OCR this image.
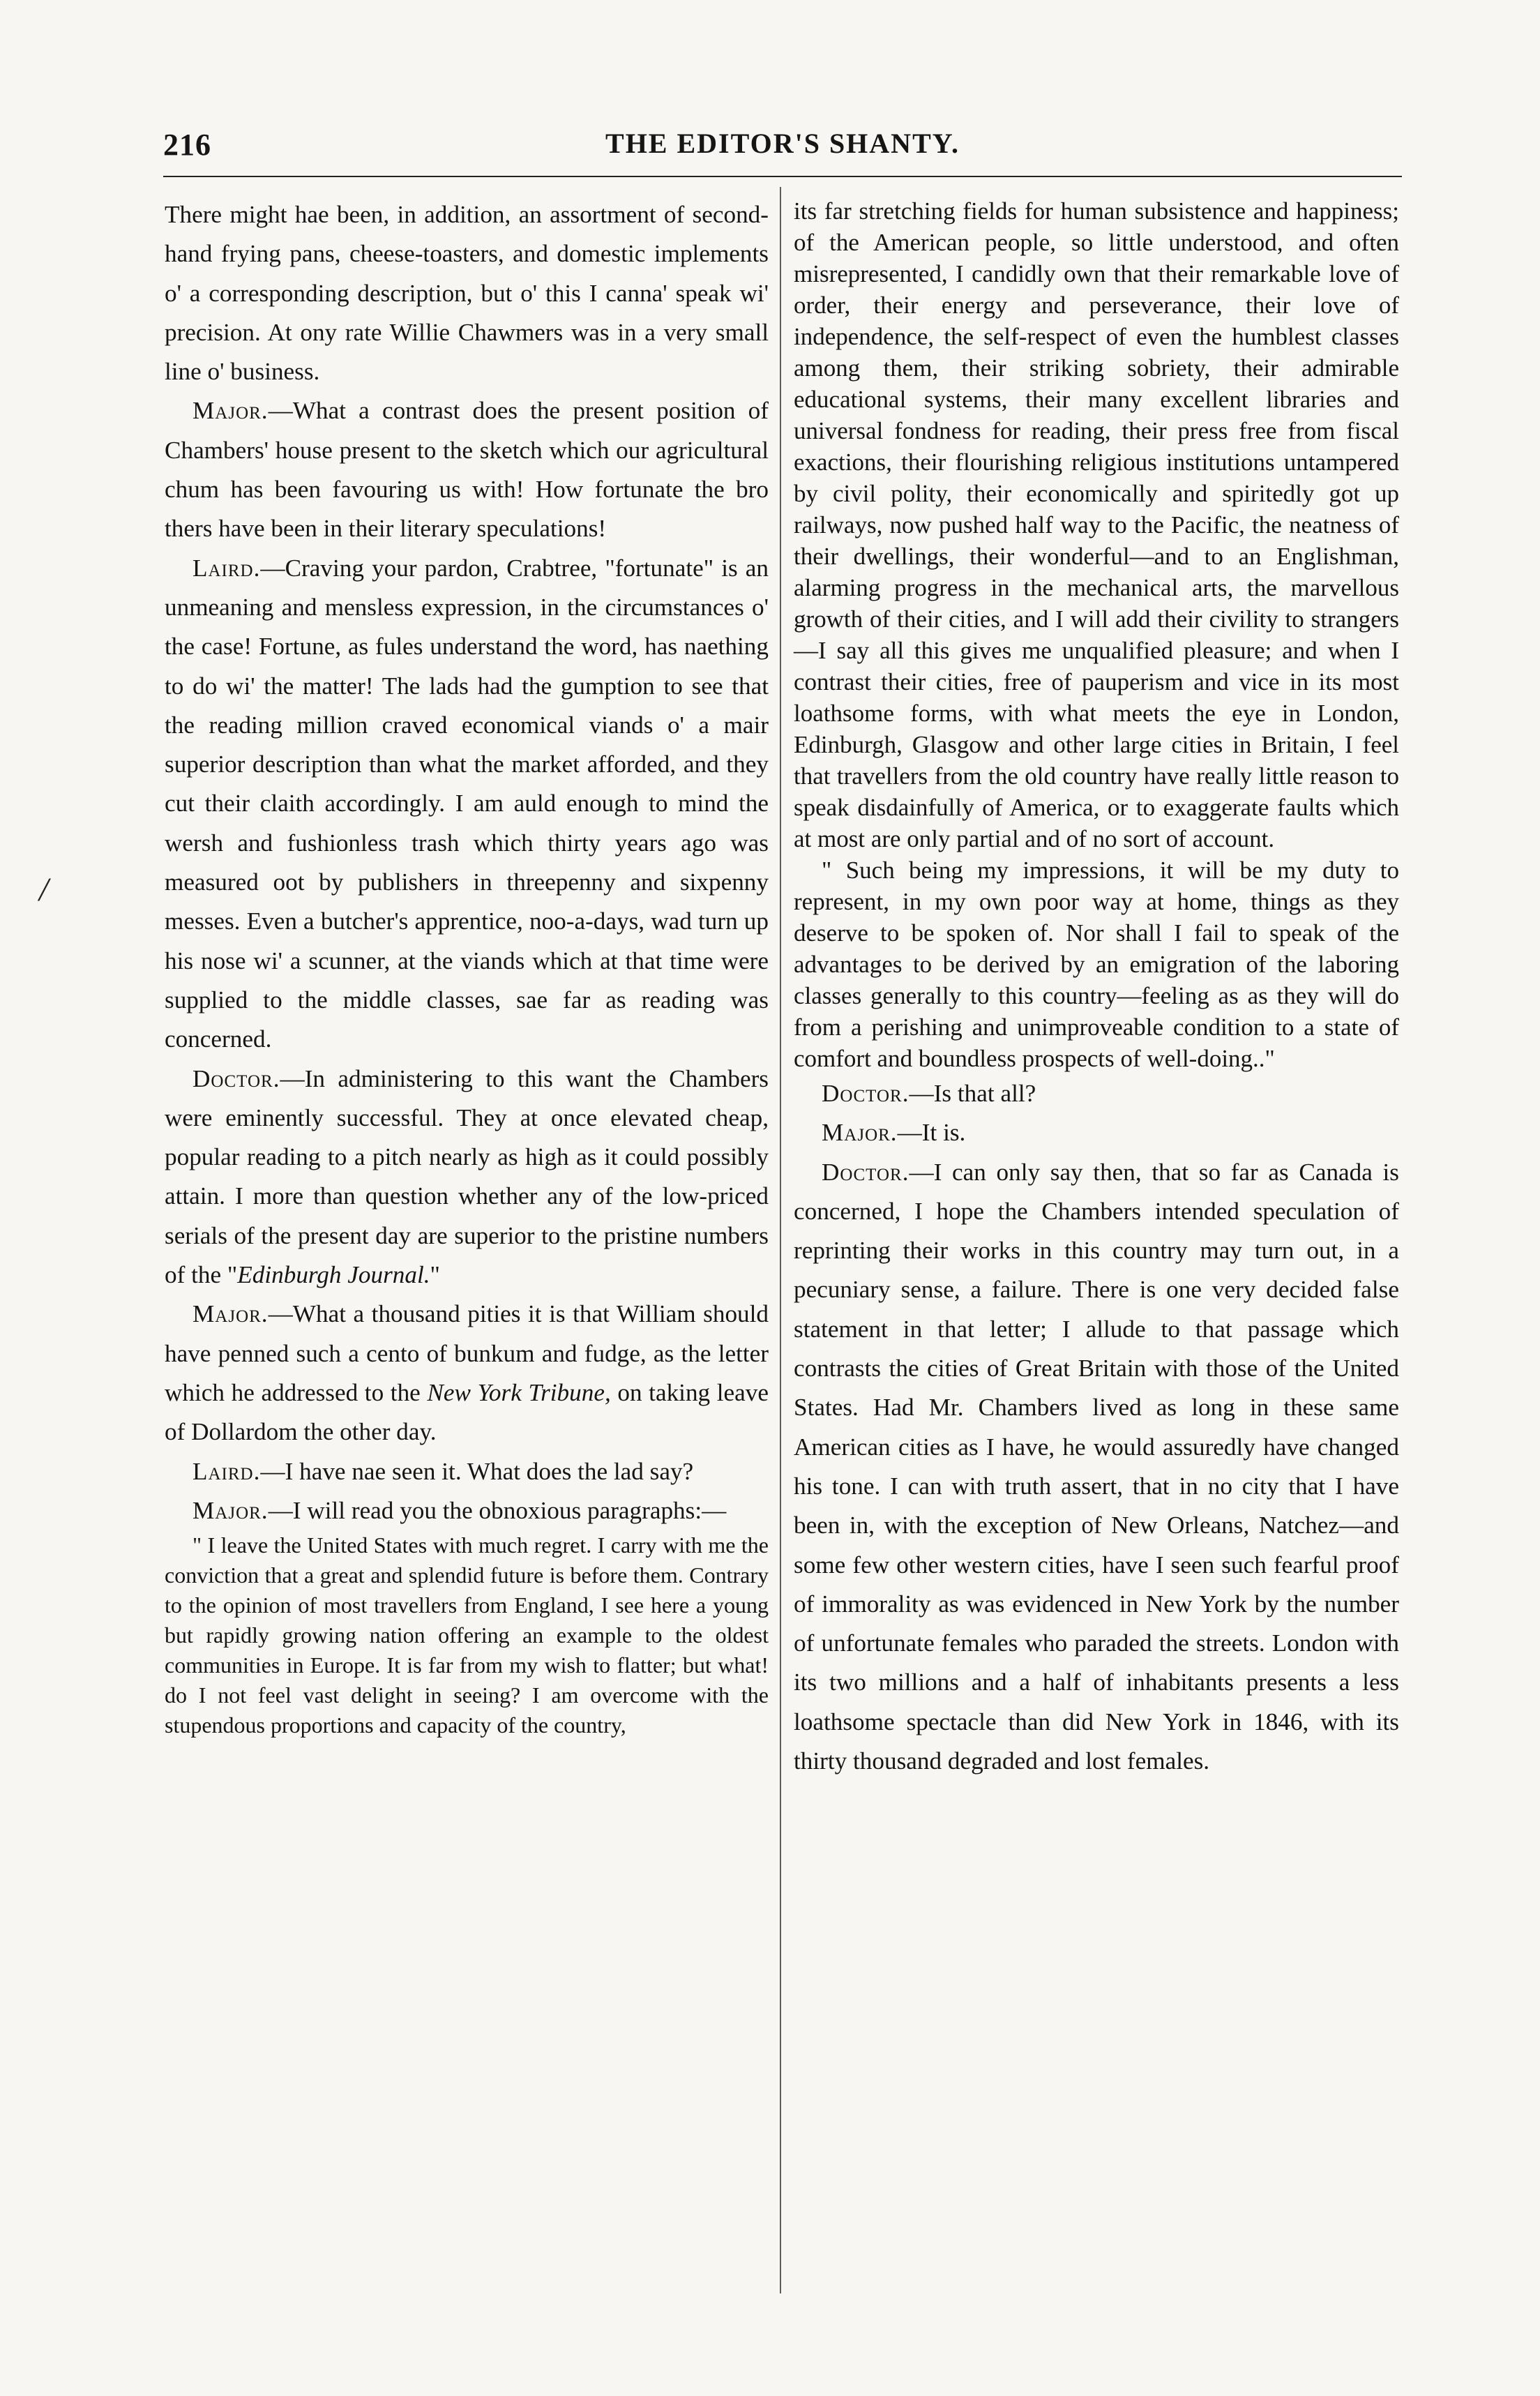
216	THE EDITOR'S SHANTY.
/

There might hae been, in addition, an assortment of second-hand frying pans, cheese-toasters, and domestic implements o' a corresponding description, but o' this I canna' speak wi' precision. At ony rate Willie Chawmers was in a very small line o' business.

Major.—What a contrast does the present position of Chambers' house present to the sketch which our agricultural chum has been favouring us with! How fortunate the bro thers have been in their literary speculations!

Laird.—Craving your pardon, Crabtree, "fortunate" is an unmeaning and mensless expression, in the circumstances o' the case! Fortune, as fules understand the word, has naething to do wi' the matter! The lads had the gumption to see that the reading million craved economical viands o' a mair superior description than what the market afforded, and they cut their claith accordingly. I am auld enough to mind the wersh and fushionless trash which thirty years ago was measured oot by publishers in threepenny and sixpenny messes. Even a butcher's apprentice, noo-a-days, wad turn up his nose wi' a scunner, at the viands which at that time were supplied to the middle classes, sae far as reading was concerned.

Doctor.—In administering to this want the Chambers were eminently successful. They at once elevated cheap, popular reading to a pitch nearly as high as it could possibly attain. I more than question whether any of the low-priced serials of the present day are superior to the pristine numbers of the "Edinburgh Journal."

Major.—What a thousand pities it is that William should have penned such a cento of bunkum and fudge, as the letter which he addressed to the New York Tribune, on taking leave of Dollardom the other day.

Laird.—I have nae seen it. What does the lad say?

Major.—I will read you the obnoxious paragraphs:—

" I leave the United States with much regret. I carry with me the conviction that a great and splendid future is before them. Contrary to the opinion of most travellers from England, I see here a young but rapidly growing nation offering an example to the oldest communities in Europe. It is far from my wish to flatter; but what! do I not feel vast delight in seeing? I am overcome with the stupendous proportions and capacity of the country,

its far stretching fields for human subsistence and happiness; of the American people, so little understood, and often misrepresented, I candidly own that their remarkable love of order, their energy and perseverance, their love of independence, the self-respect of even the humblest classes among them, their striking sobriety, their admirable educational systems, their many excellent libraries and universal fondness for reading, their press free from fiscal exactions, their flourishing religious institutions untampered by civil polity, their economically and spiritedly got up railways, now pushed half way to the Pacific, the neatness of their dwellings, their wonderful—and to an Englishman, alarming progress in the mechanical arts, the marvellous growth of their cities, and I will add their civility to strangers—I say all this gives me unqualified pleasure; and when I contrast their cities, free of pauperism and vice in its most loathsome forms, with what meets the eye in London, Edinburgh, Glasgow and other large cities in Britain, I feel that travellers from the old country have really little reason to speak disdainfully of America, or to exaggerate faults which at most are only partial and of no sort of account.

" Such being my impressions, it will be my duty to represent, in my own poor way at home, things as they deserve to be spoken of. Nor shall I fail to speak of the advantages to be derived by an emigration of the laboring classes generally to this country—feeling as as they will do from a perishing and unimproveable condition to a state of comfort and boundless prospects of well-doing.."

Doctor.—Is that all?

Major.—It is.

Doctor.—I can only say then, that so far as Canada is concerned, I hope the Chambers intended speculation of reprinting their works in this country may turn out, in a pecuniary sense, a failure. There is one very decided false statement in that letter; I allude to that passage which contrasts the cities of Great Britain with those of the United States. Had Mr. Chambers lived as long in these same American cities as I have, he would assuredly have changed his tone. I can with truth assert, that in no city that I have been in, with the exception of New Orleans, Natchez—and some few other western cities, have I seen such fearful proof of immorality as was evidenced in New York by the number of unfortunate females who paraded the streets. London with its two millions and a half of inhabitants presents a less loathsome spectacle than did New York in 1846, with its thirty thousand degraded and lost females.
